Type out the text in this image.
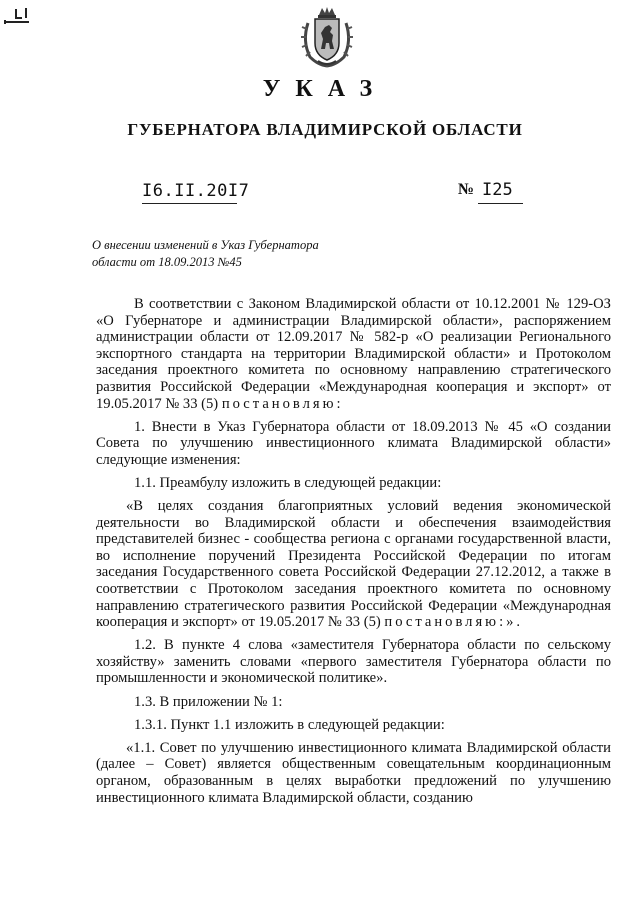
УКАЗ
ГУБЕРНАТОРА ВЛАДИМИРСКОЙ ОБЛАСТИ
I6.II.20I7	№ I25
О внесении изменений в Указ Губернатора
области от 18.09.2013 №45

В соответствии с Законом Владимирской области от 10.12.2001 № 129-ОЗ «О Губернаторе и администрации Владимирской области», распоряжением администрации области от 12.09.2017 № 582-р «О реализации Регионального экспортного стандарта на территории Владимирской области» и Протоколом заседания проектного комитета по основному направлению стратегического развития Российской Федерации «Международная кооперация и экспорт» от 19.05.2017 № 33 (5) постановляю:

1. Внести в Указ Губернатора области от 18.09.2013 № 45 «О создании Совета по улучшению инвестиционного климата Владимирской области» следующие изменения:

1.1. Преамбулу изложить в следующей редакции:

«В целях создания благоприятных условий ведения экономической деятельности во Владимирской области и обеспечения взаимодействия представителей бизнес - сообщества региона с органами государственной власти, во исполнение поручений Президента Российской Федерации по итогам заседания Государственного совета Российской Федерации 27.12.2012, а также в соответствии с Протоколом заседания проектного комитета по основному направлению стратегического развития Российской Федерации «Международная кооперация и экспорт» от 19.05.2017 № 33 (5) постановляю:».

1.2. В пункте 4 слова «заместителя Губернатора области по сельскому хозяйству» заменить словами «первого заместителя Губернатора области по промышленности и экономической политике».

1.3. В приложении № 1:

1.3.1. Пункт 1.1 изложить в следующей редакции:

«1.1. Совет по улучшению инвестиционного климата Владимирской области (далее – Совет) является общественным совещательным координационным органом, образованным в целях выработки предложений по улучшению инвестиционного климата Владимирской области, созданию
